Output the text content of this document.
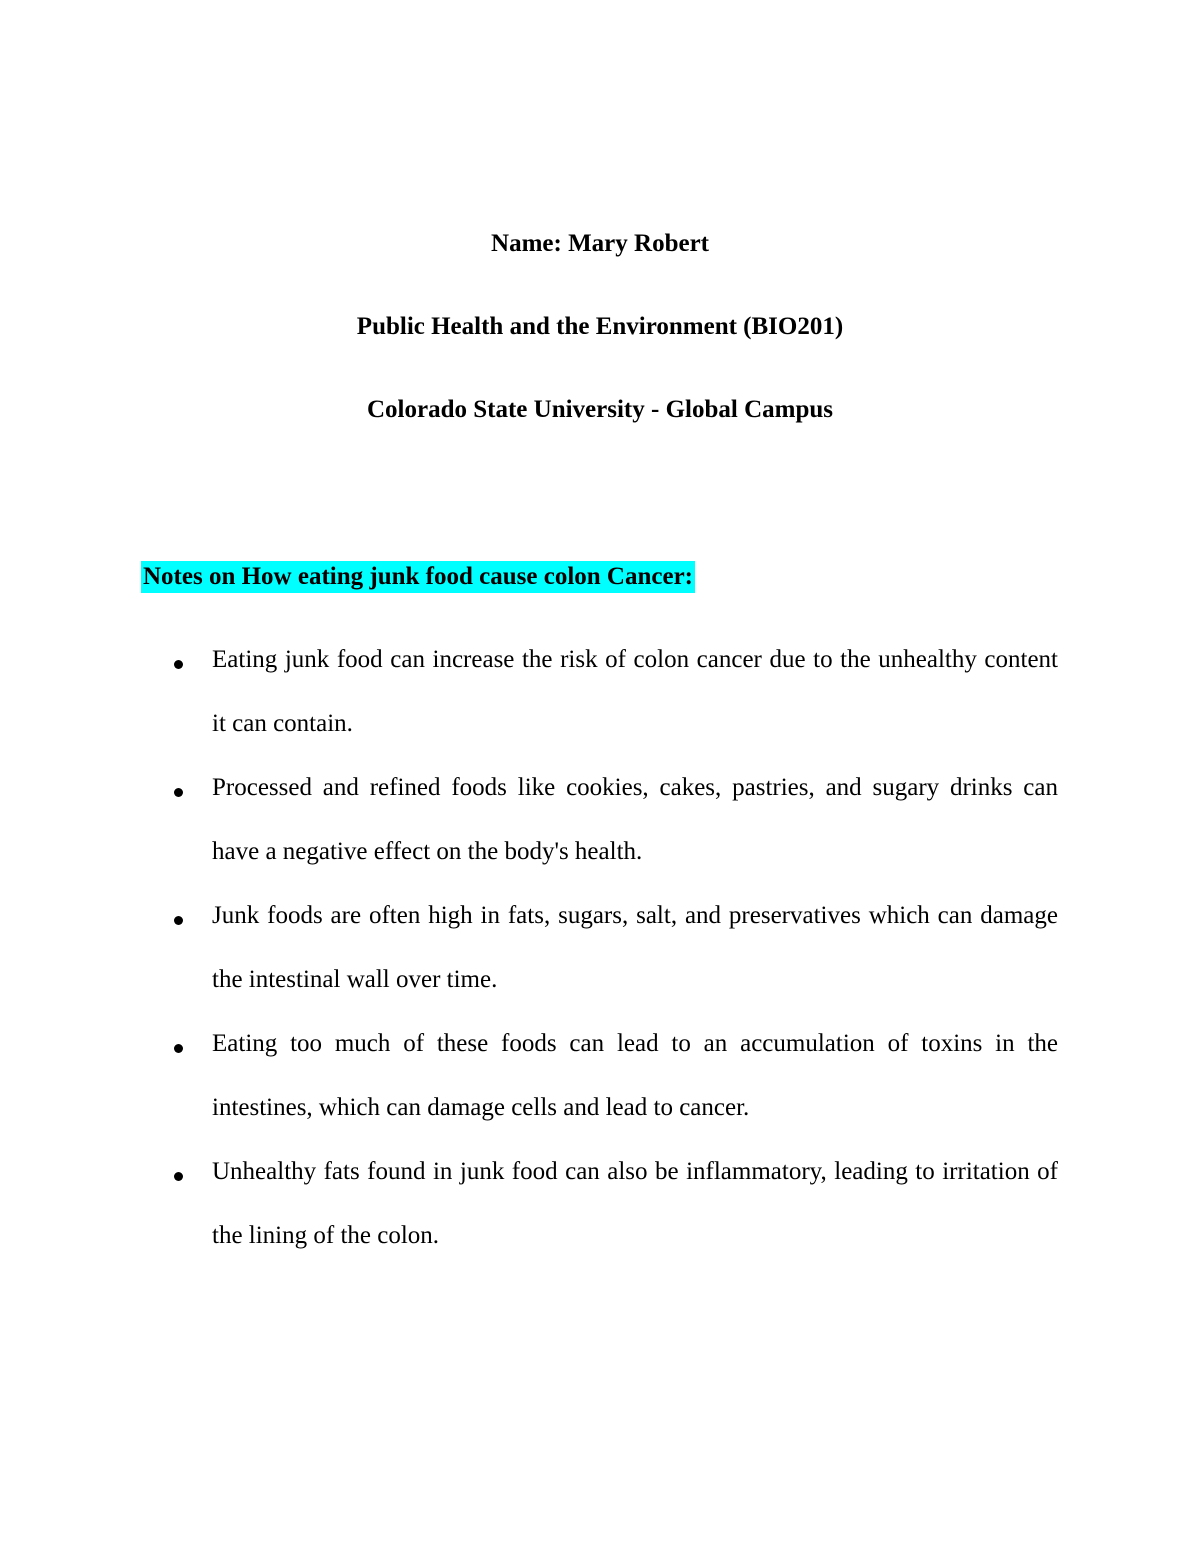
Name: Mary Robert
Public Health and the Environment (BIO201)
Colorado State University - Global Campus
Notes on How eating junk food cause colon Cancer:
Eating junk food can increase the risk of colon cancer due to the unhealthy content it can contain.
Processed and refined foods like cookies, cakes, pastries, and sugary drinks can have a negative effect on the body's health.
Junk foods are often high in fats, sugars, salt, and preservatives which can damage the intestinal wall over time.
Eating too much of these foods can lead to an accumulation of toxins in the intestines, which can damage cells and lead to cancer.
Unhealthy fats found in junk food can also be inflammatory, leading to irritation of the lining of the colon.
